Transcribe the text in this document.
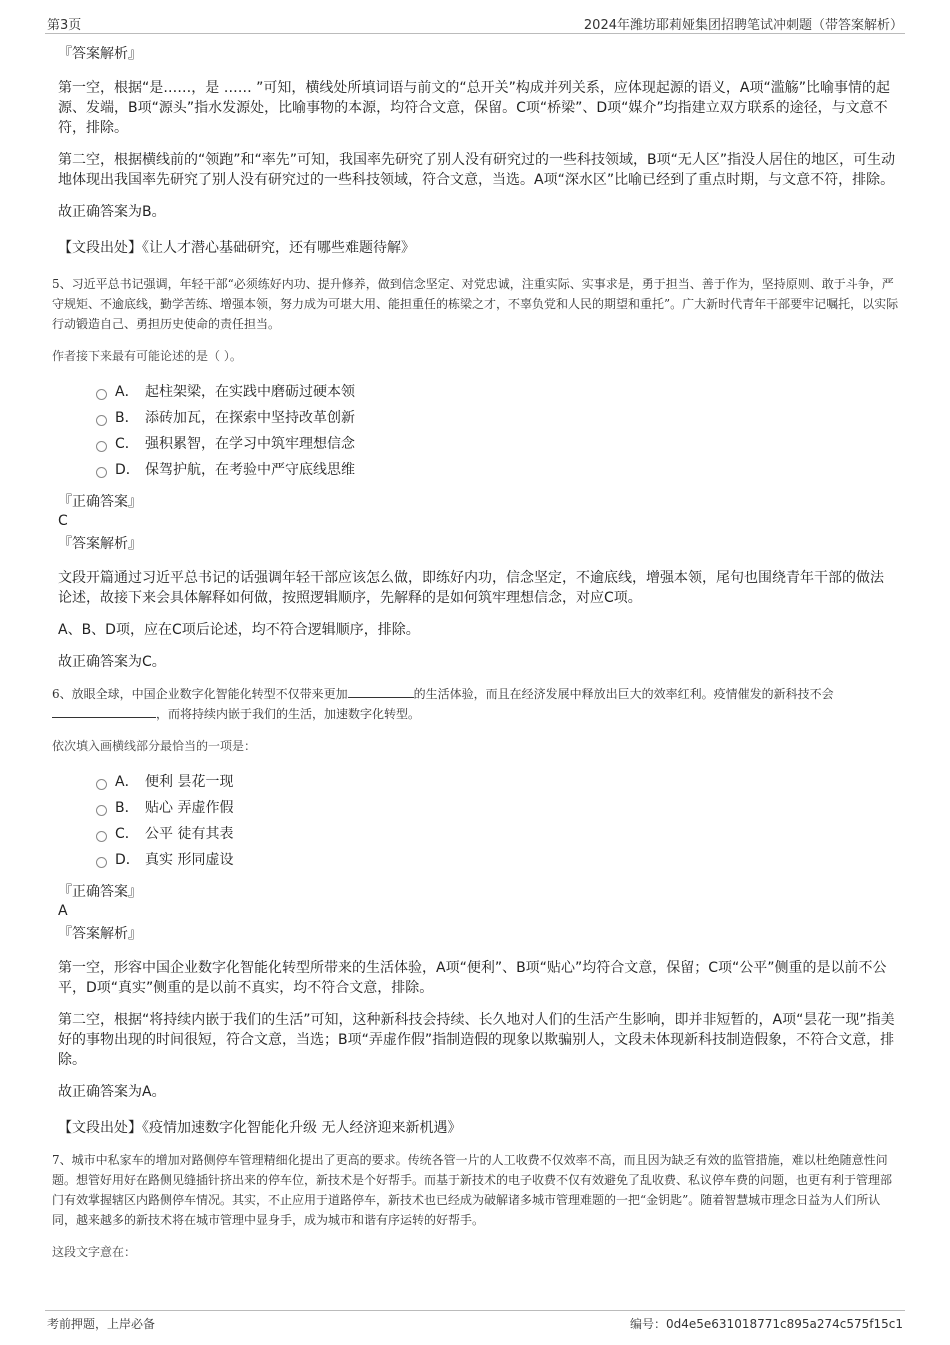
第3页	2024年潍坊耶莉娅集团招聘笔试冲刺题（带答案解析）
『答案解析』
第一空，根据“是……，是 …… ”可知，横线处所填词语与前文的“总开关”构成并列关系，应体现起源的语义，A项“滥觞”比喻事情的起源、发端，B项“源头”指水发源处，比喻事物的本源，均符合文意，保留。C项“桥梁”、D项“媒介”均指建立双方联系的途径，与文意不符，排除。
第二空，根据横线前的“领跑”和“率先”可知，我国率先研究了别人没有研究过的一些科技领域，B项“无人区”指没人居住的地区，可生动地体现出我国率先研究了别人没有研究过的一些科技领域，符合文意，当选。A项“深水区”比喻已经到了重点时期，与文意不符，排除。
故正确答案为B。
【文段出处】《让人才潜心基础研究，还有哪些难题待解》
5、习近平总书记强调，年轻干部“必须练好内功、提升修养，做到信念坚定、对党忠诚，注重实际、实事求是，勇于担当、善于作为，坚持原则、敢于斗争，严守规矩、不逾底线，勤学苦练、增强本领，努力成为可堪大用、能担重任的栋梁之才，不辜负党和人民的期望和重托”。广大新时代青年干部要牢记嘱托，以实际行动锻造自己、勇担历史使命的责任担当。
作者接下来最有可能论述的是（ ）。
A． 起柱架梁，在实践中磨砺过硬本领
B． 添砖加瓦，在探索中坚持改革创新
C． 强积累智，在学习中筑牢理想信念
D． 保驾护航，在考验中严守底线思维
『正确答案』
C
『答案解析』
文段开篇通过习近平总书记的话强调年轻干部应该怎么做，即练好内功，信念坚定，不逾底线，增强本领，尾句也围绕青年干部的做法论述，故接下来会具体解释如何做，按照逻辑顺序，先解释的是如何筑牢理想信念，对应C项。
A、B、D项，应在C项后论述，均不符合逻辑顺序，排除。
故正确答案为C。
6、放眼全球，中国企业数字化智能化转型不仅带来更加	的生活体验，而且在经济发展中释放出巨大的效率红利。疫情催发的新科技不会，而将持续内嵌于我们的生活，加速数字化转型。
依次填入画横线部分最恰当的一项是：
A． 便利 昙花一现
B． 贴心 弄虚作假
C． 公平 徒有其表
D． 真实 形同虚设
『正确答案』
A
『答案解析』
第一空，形容中国企业数字化智能化转型所带来的生活体验，A项“便利”、B项“贴心”均符合文意，保留；C项“公平”侧重的是以前不公平，D项“真实”侧重的是以前不真实，均不符合文意，排除。
第二空，根据“将持续内嵌于我们的生活”可知，这种新科技会持续、长久地对人们的生活产生影响，即并非短暂的，A项“昙花一现”指美好的事物出现的时间很短，符合文意，当选；B项“弄虚作假”指制造假的现象以欺骗别人，文段未体现新科技制造假象，不符合文意，排除。
故正确答案为A。
【文段出处】《疫情加速数字化智能化升级 无人经济迎来新机遇》
7、城市中私家车的增加对路侧停车管理精细化提出了更高的要求。传统各管一片的人工收费不仅效率不高，而且因为缺乏有效的监管措施，难以杜绝随意性问题。想管好用好在路侧见缝插针挤出来的停车位，新技术是个好帮手。而基于新技术的电子收费不仅有效避免了乱收费、私议停车费的问题，也更有利于管理部门有效掌握辖区内路侧停车情况。其实，不止应用于道路停车，新技术也已经成为破解诸多城市管理难题的一把“金钥匙”。随着智慧城市理念日益为人们所认同，越来越多的新技术将在城市管理中显身手，成为城市和谐有序运转的好帮手。
这段文字意在：
考前押题，上岸必备	编号：0d4e5e631018771c895a274c575f15c1
